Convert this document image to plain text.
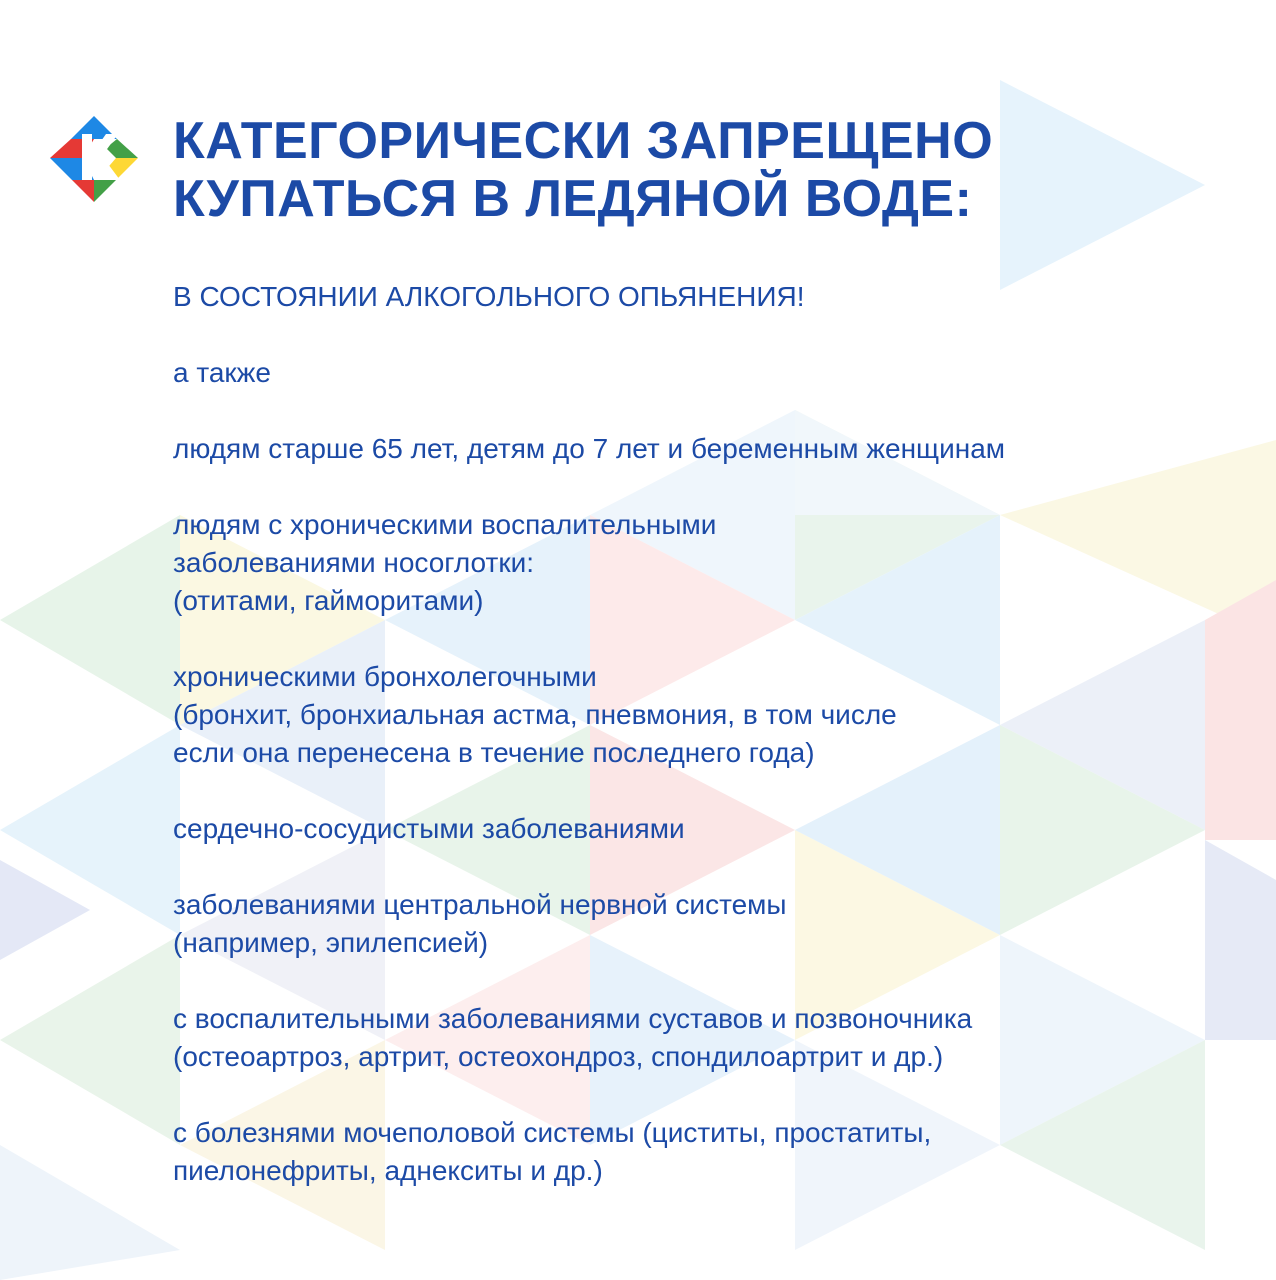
КАТЕГОРИЧЕСКИ ЗАПРЕЩЕНО
КУПАТЬСЯ В ЛЕДЯНОЙ ВОДЕ:

В СОСТОЯНИИ АЛКОГОЛЬНОГО ОПЬЯНЕНИЯ!

а также

людям старше 65 лет, детям до 7 лет и беременным женщинам

людям с хроническими воспалительными
заболеваниями носоглотки:
(отитами, гайморитами)
хроническими бронхолегочными
(бронхит, бронхиальная астма, пневмония, в том числе
если она перенесена в течение последнего года)

сердечно-сосудистыми заболеваниями

заболеваниями центральной нервной системы
(например, эпилепсией)
с воспалительными заболеваниями суставов и позвоночника
(остеоартроз, артрит, остеохондроз, спондилоартрит и др.)
с болезнями мочеполовой системы (циститы, простатиты,
пиелонефриты, аднекситы и др.)
